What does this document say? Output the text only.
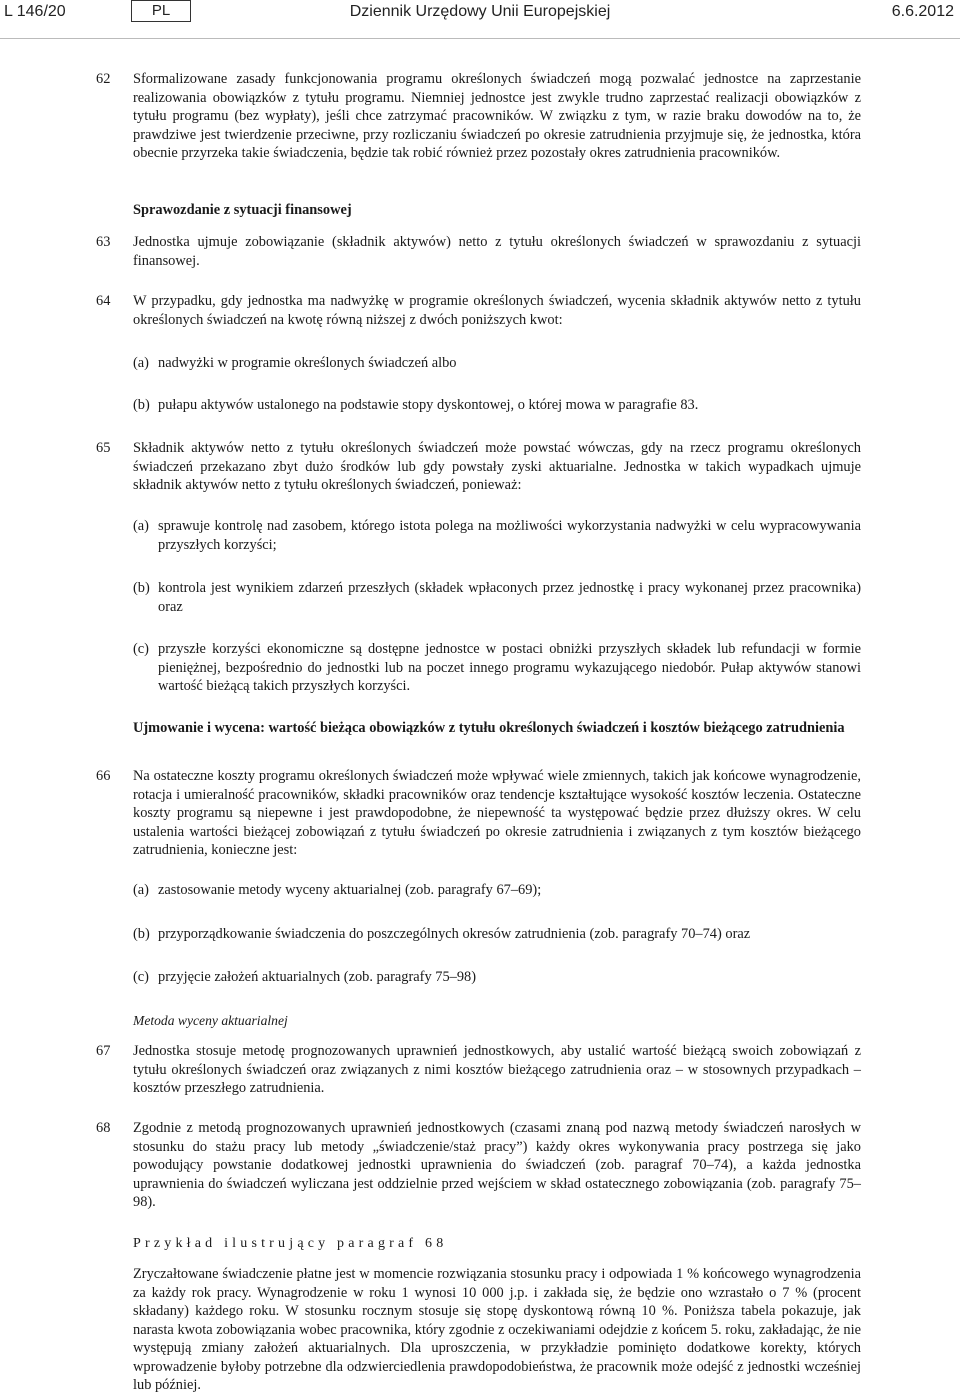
L 146/20	PL	Dziennik Urzędowy Unii Europejskiej	6.6.2012
62 Sformalizowane zasady funkcjonowania programu określonych świadczeń mogą pozwalać jednostce na zaprzestanie realizowania obowiązków z tytułu programu. Niemniej jednostce jest zwykle trudno zaprzestać realizacji obowiązków z tytułu programu (bez wypłaty), jeśli chce zatrzymać pracowników. W związku z tym, w razie braku dowodów na to, że prawdziwe jest twierdzenie przeciwne, przy rozliczaniu świadczeń po okresie zatrudnienia przyjmuje się, że jednostka, która obecnie przyrzeka takie świadczenia, będzie tak robić również przez pozostały okres zatrudnienia pracowników.
Sprawozdanie z sytuacji finansowej
63 Jednostka ujmuje zobowiązanie (składnik aktywów) netto z tytułu określonych świadczeń w sprawozdaniu z sytuacji finansowej.
64 W przypadku, gdy jednostka ma nadwyżkę w programie określonych świadczeń, wycenia składnik aktywów netto z tytułu określonych świadczeń na kwotę równą niższej z dwóch poniższych kwot:
(a) nadwyżki w programie określonych świadczeń albo
(b) pułapu aktywów ustalonego na podstawie stopy dyskontowej, o której mowa w paragrafie 83.
65 Składnik aktywów netto z tytułu określonych świadczeń może powstać wówczas, gdy na rzecz programu określonych świadczeń przekazano zbyt dużo środków lub gdy powstały zyski aktuarialne. Jednostka w takich wypadkach ujmuje składnik aktywów netto z tytułu określonych świadczeń, ponieważ:
(a) sprawuje kontrolę nad zasobem, którego istota polega na możliwości wykorzystania nadwyżki w celu wypracowywania przyszłych korzyści;
(b) kontrola jest wynikiem zdarzeń przeszłych (składek wpłaconych przez jednostkę i pracy wykonanej przez pracownika) oraz
(c) przyszłe korzyści ekonomiczne są dostępne jednostce w postaci obniżki przyszłych składek lub refundacji w formie pieniężnej, bezpośrednio do jednostki lub na poczet innego programu wykazującego niedobór. Pułap aktywów stanowi wartość bieżącą takich przyszłych korzyści.
Ujmowanie i wycena: wartość bieżąca obowiązków z tytułu określonych świadczeń i kosztów bieżącego zatrudnienia
66 Na ostateczne koszty programu określonych świadczeń może wpływać wiele zmiennych, takich jak końcowe wynagrodzenie, rotacja i umieralność pracowników, składki pracowników oraz tendencje kształtujące wysokość kosztów leczenia. Ostateczne koszty programu są niepewne i jest prawdopodobne, że niepewność ta występować będzie przez dłuższy okres. W celu ustalenia wartości bieżącej zobowiązań z tytułu świadczeń po okresie zatrudnienia i związanych z tym kosztów bieżącego zatrudnienia, konieczne jest:
(a) zastosowanie metody wyceny aktuarialnej (zob. paragrafy 67–69);
(b) przyporządkowanie świadczenia do poszczególnych okresów zatrudnienia (zob. paragrafy 70–74) oraz
(c) przyjęcie założeń aktuarialnych (zob. paragrafy 75–98)
Metoda wyceny aktuarialnej
67 Jednostka stosuje metodę prognozowanych uprawnień jednostkowych, aby ustalić wartość bieżącą swoich zobowiązań z tytułu określonych świadczeń oraz związanych z nimi kosztów bieżącego zatrudnienia oraz – w stosownych przypadkach – kosztów przeszłego zatrudnienia.
68 Zgodnie z metodą prognozowanych uprawnień jednostkowych (czasami znaną pod nazwą metody świadczeń narosłych w stosunku do stażu pracy lub metody „świadczenie/staż pracy”) każdy okres wykonywania pracy postrzega się jako powodujący powstanie dodatkowej jednostki uprawnienia do świadczeń (zob. paragraf 70–74), a każda jednostka uprawnienia do świadczeń wyliczana jest oddzielnie przed wejściem w skład ostatecznego zobowiązania (zob. paragrafy 75–98).
Przykład ilustrujący paragraf 68
Zryczałtowane świadczenie płatne jest w momencie rozwiązania stosunku pracy i odpowiada 1 % końcowego wynagrodzenia za każdy rok pracy. Wynagrodzenie w roku 1 wynosi 10 000 j.p. i zakłada się, że będzie ono wzrastało o 7 % (procent składany) każdego roku. W stosunku rocznym stosuje się stopę dyskontową równą 10 %. Poniższa tabela pokazuje, jak narasta kwota zobowiązania wobec pracownika, który zgodnie z oczekiwaniami odejdzie z końcem 5. roku, zakładając, że nie występują zmiany założeń aktuarialnych. Dla uproszczenia, w przykładzie pominięto dodatkowe korekty, których wprowadzenie byłoby potrzebne dla odzwierciedlenia prawdopodobieństwa, że pracownik może odejść z jednostki wcześniej lub później.
